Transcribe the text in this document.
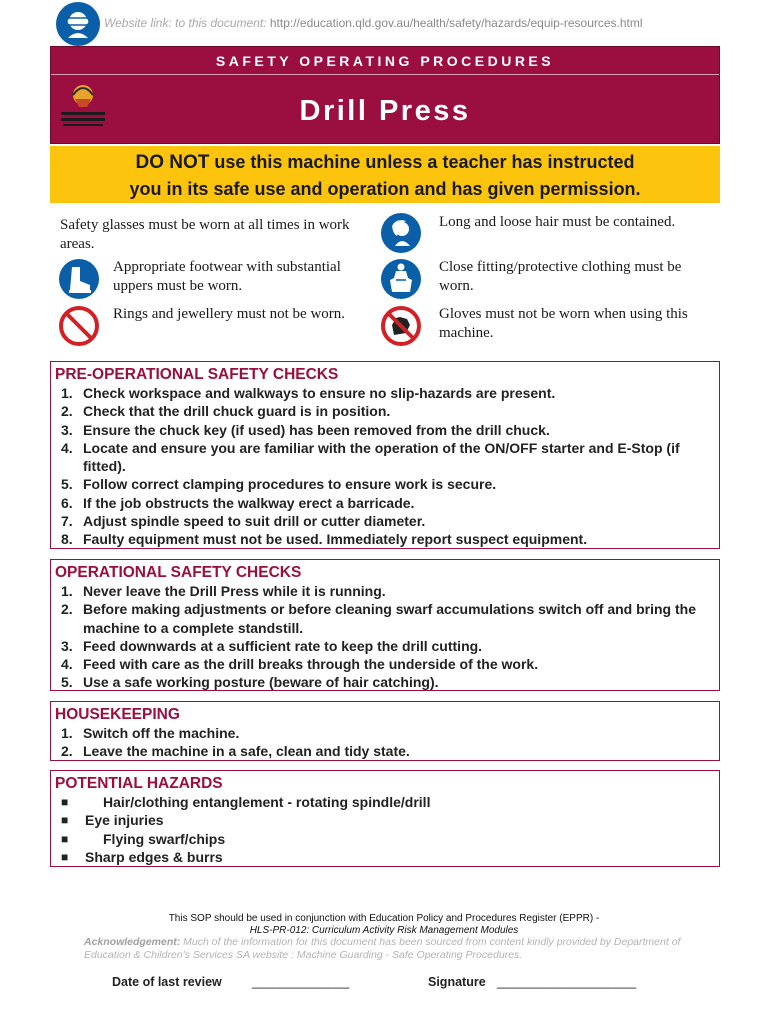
Website link: to this document: http://education.qld.gov.au/health/safety/hazards/equip-resources.html
SAFETY OPERATING PROCEDURES
Drill Press

DO NOT use this machine unless a teacher has instructed

you in its safe use and operation and has given permission.

Safety glasses must be worn at all times in work areas.
Long and loose hair must be contained.
Appropriate footwear with substantial uppers must be worn.
Close fitting/protective clothing must be worn.
Rings and jewellery must not be worn.	Gloves must not be worn when using this machine.
PRE-OPERATIONAL SAFETY CHECKS
1. Check workspace and walkways to ensure no slip-hazards are present.
2. Check that the drill chuck guard is in position.
3. Ensure the chuck key (if used) has been removed from the drill chuck.
4. Locate and ensure you are familiar with the operation of the ON/OFF starter and E-Stop (if fitted).
5. Follow correct clamping procedures to ensure work is secure.
6. If the job obstructs the walkway erect a barricade.
7. Adjust spindle speed to suit drill or cutter diameter.
8. Faulty equipment must not be used. Immediately report suspect equipment.
OPERATIONAL SAFETY CHECKS
1. Never leave the Drill Press while it is running.
2. Before making adjustments or before cleaning swarf accumulations switch off and bring the machine to a complete standstill.
3. Feed downwards at a sufficient rate to keep the drill cutting.
4. Feed with care as the drill breaks through the underside of the work.
5. Use a safe working posture (beware of hair catching).
HOUSEKEEPING
1. Switch off the machine.
2. Leave the machine in a safe, clean and tidy state.
POTENTIAL HAZARDS
■ Hair/clothing entanglement - rotating spindle/drill
■ Eye injuries
■ Flying swarf/chips
■ Sharp edges & burrs
This SOP should be used in conjunction with Education Policy and Procedures Register (EPPR) -
HLS-PR-012: Curriculum Activity Risk Management Modules
Acknowledgement: Much of the information for this document has been sourced from content kindly provided by Department of Education & Children's Services SA website : Machine Guarding - Safe Operating Procedures.
Date of last review ______________	Signature ____________________
